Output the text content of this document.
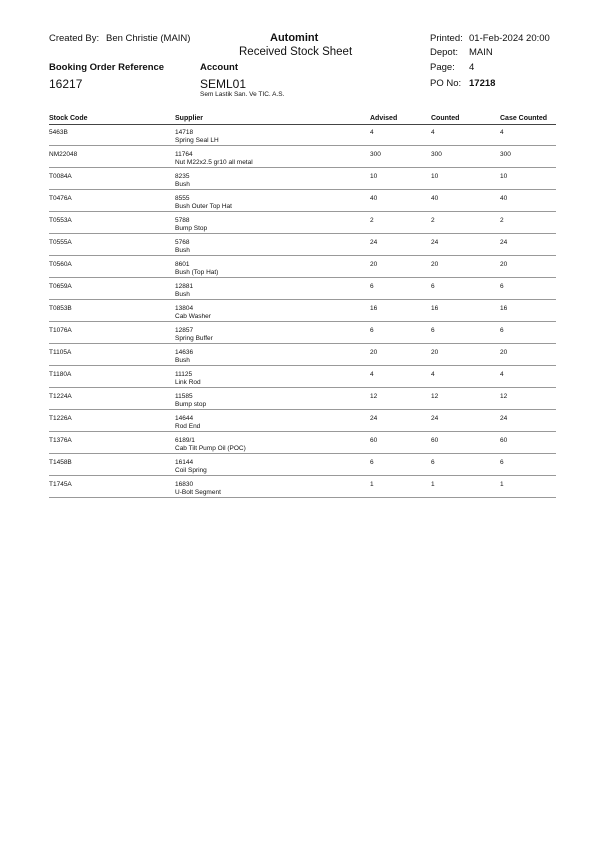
Created By: Ben Christie (MAIN)	Automint
Received Stock Sheet
Printed: 01-Feb-2024 20:00
Depot: MAIN
Page: 4
PO No: 17218
Booking Order Reference
16217
Account
SEML01
Sem Lastik San. Ve TIC. A.S.
Stock Code	Supplier	Advised	Counted	Case Counted
5463B	14718	4	4	4
Spring Seal LH
NM22048	11764	300	300	300
Nut M22x2.5 gr10 all metal
T0084A	8235	10	10	10
Bush
T0476A	8555	40	40	40
Bush Outer Top Hat
T0553A	5788	2	2	2
Bump Stop
T0555A	5768	24	24	24
Bush
T0560A	8601	20	20	20
Bush (Top Hat)
T0659A	12881	6	6	6
Bush
T0853B	13804	16	16	16
Cab Washer
T1076A	12857	6	6	6
Spring Buffer
T1105A	14636	20	20	20
Bush
T1180A	11125	4	4	4
Link Rod
T1224A	11585	12	12	12
Bump stop
T1226A	14644	24	24	24
Rod End
T1376A	6189/1	60	60	60
Cab Tilt Pump Oil (POC)
T1458B	16144	6	6	6
Coil Spring
T1745A	16830	1	1	1
U-Bolt Segment
